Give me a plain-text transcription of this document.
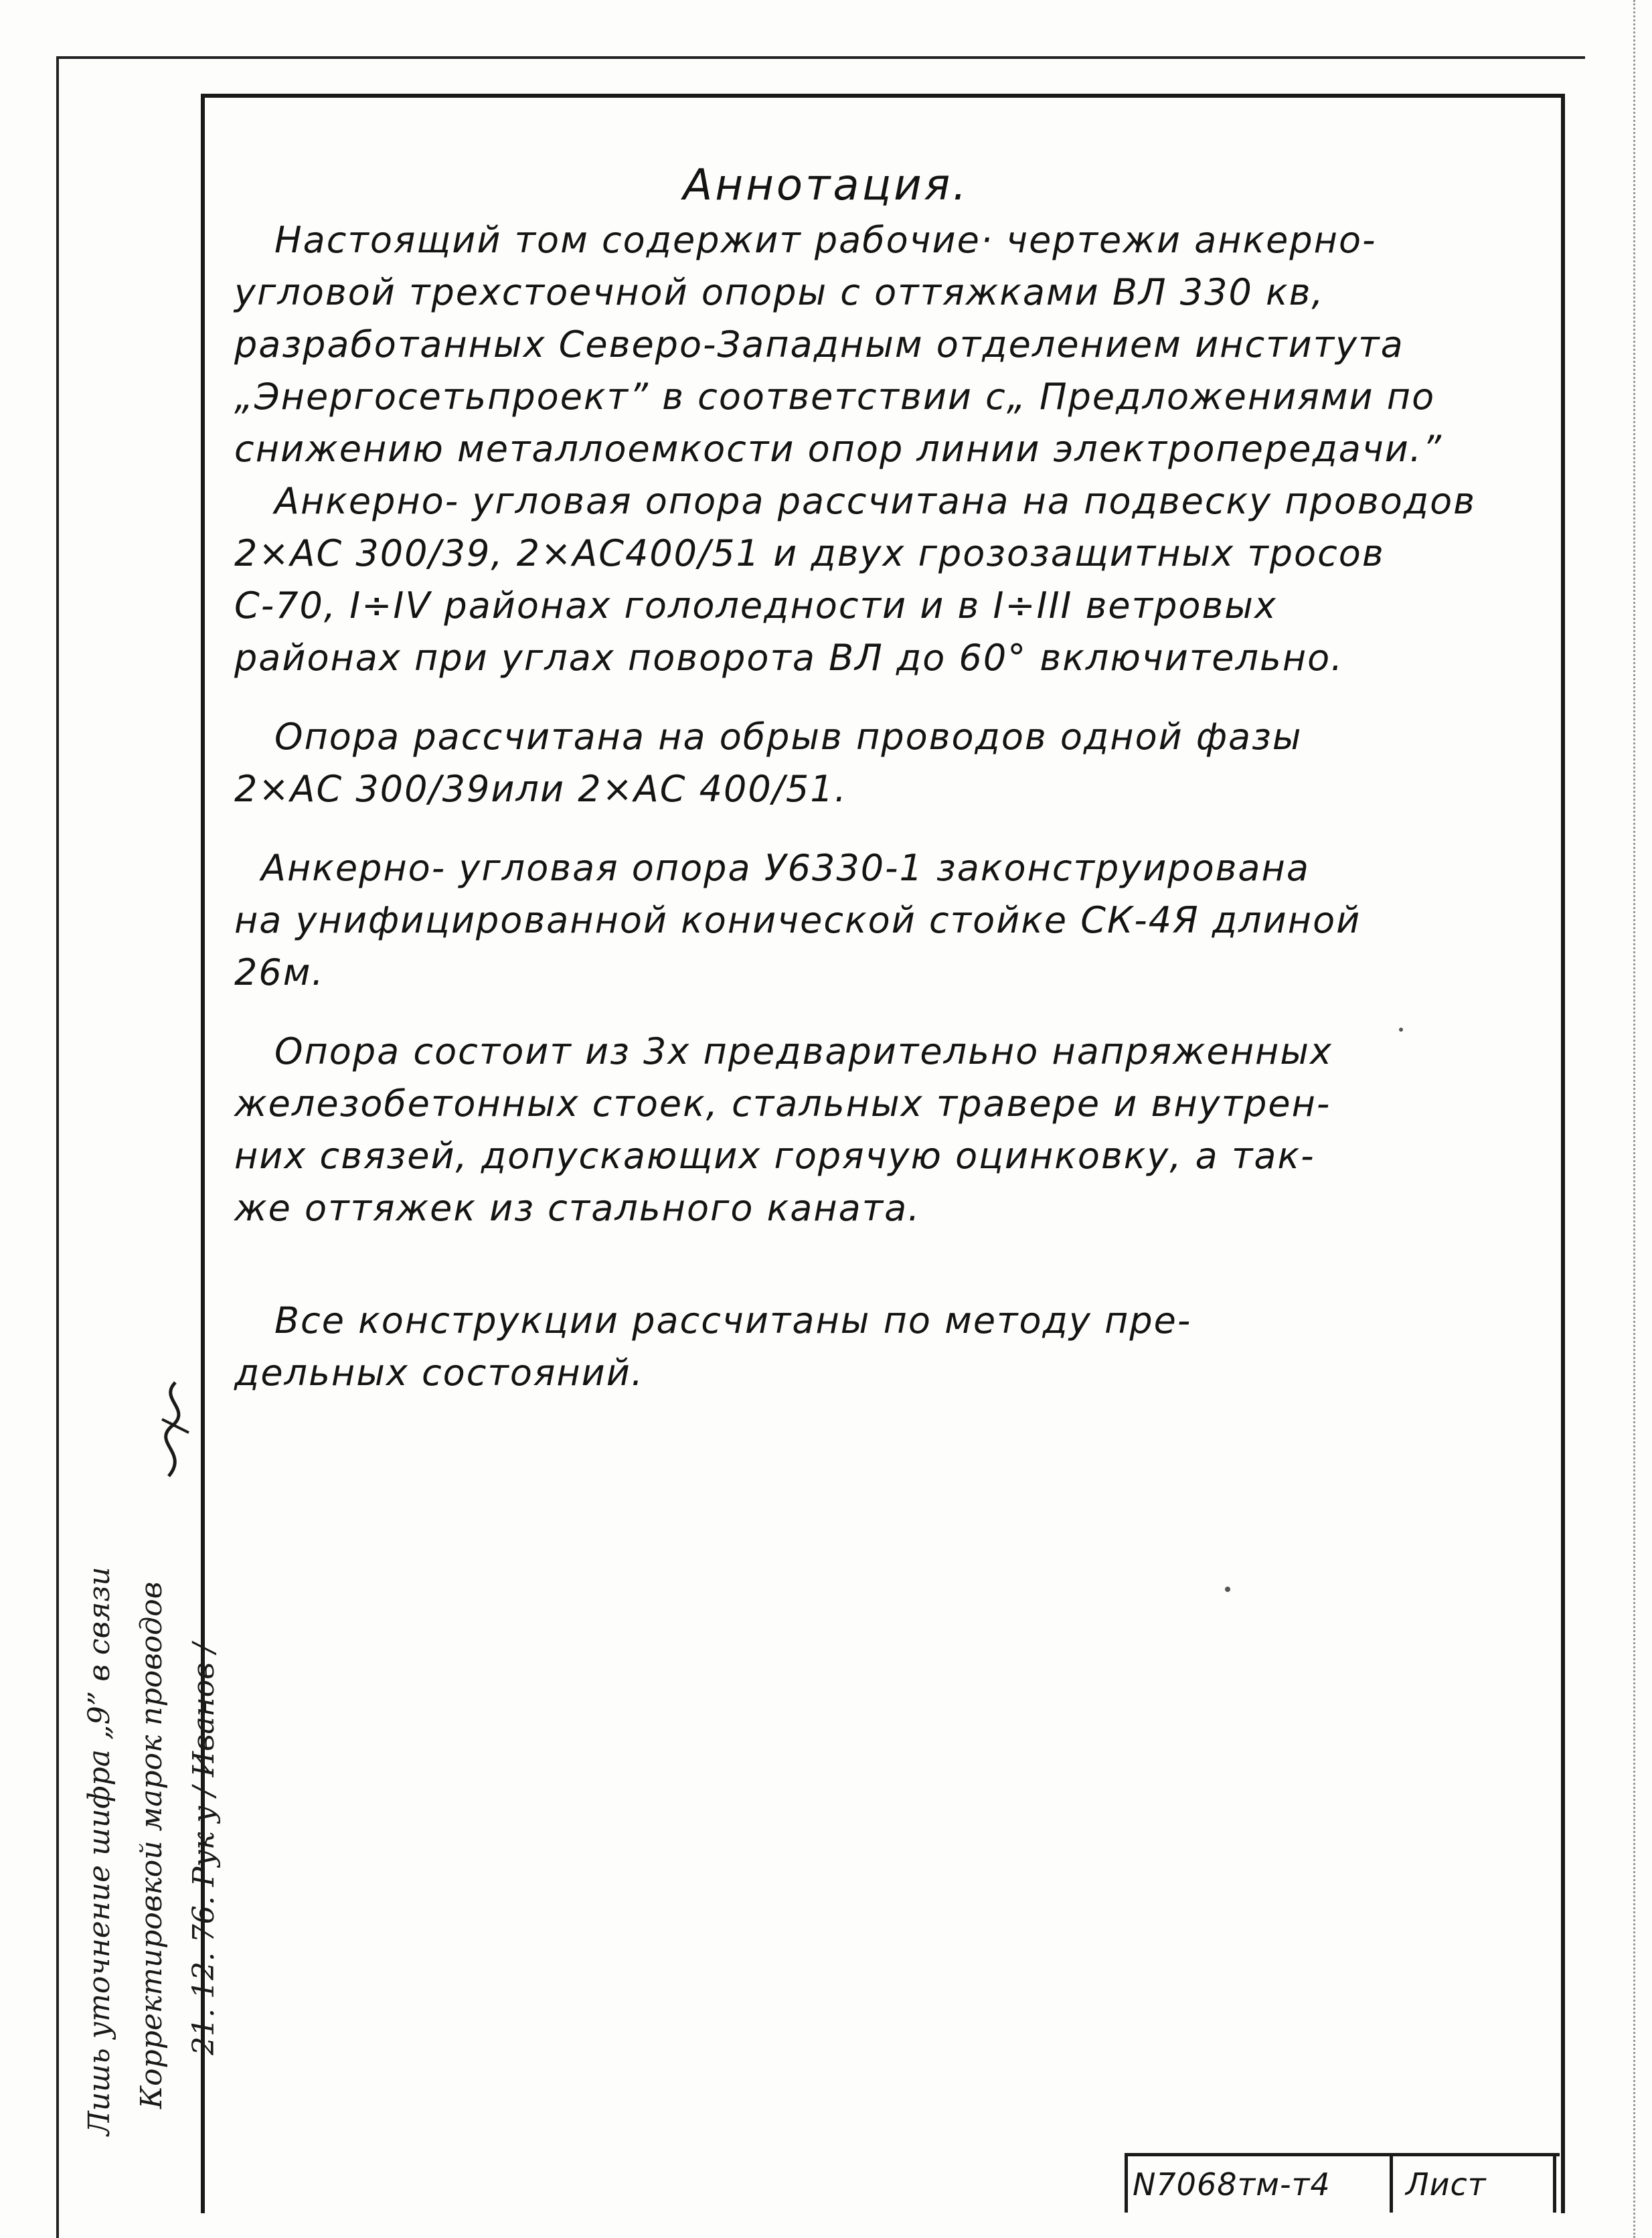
Аннотация.
Настоящий том содержит рабочие· чертежи анкерно-
угловой трехстоечной опоры с оттяжками ВЛ 330 кв,
разработанных Северо-Западным отделением института
„Энергосетьпроект” в соответствии с„ Предложениями по
снижению металлоемкости опор линии электропередачи.”
Анкерно- угловая опора рассчитана на подвеску проводов
2×АС 300/39, 2×АС400/51 и двух грозозащитных тросов
С-70, I÷IV районах гололедности и в I÷III ветровых
районах при углах поворота ВЛ до 60° включительно.
Опора рассчитана на обрыв проводов одной фазы
2×АС 300/39или 2×АС 400/51.
Анкерно- угловая опора У6330-1 законструирована
на унифицированной конической стойке СК-4Я длиной
26м.
Опора состоит из 3х предварительно напряженных
железобетонных стоек, стальных травере и внутрен-
них связей, допускающих горячую оцинковку, а так-
же оттяжек из стального каната.
Все конструкции рассчитаны по методу пре-
дельных состояний.
Лишь уточнение шифра „9” в связи Корректировкой марок проводов 21. 12. 76. Рук у / Иванов /
N7068тм-т4	Лист
